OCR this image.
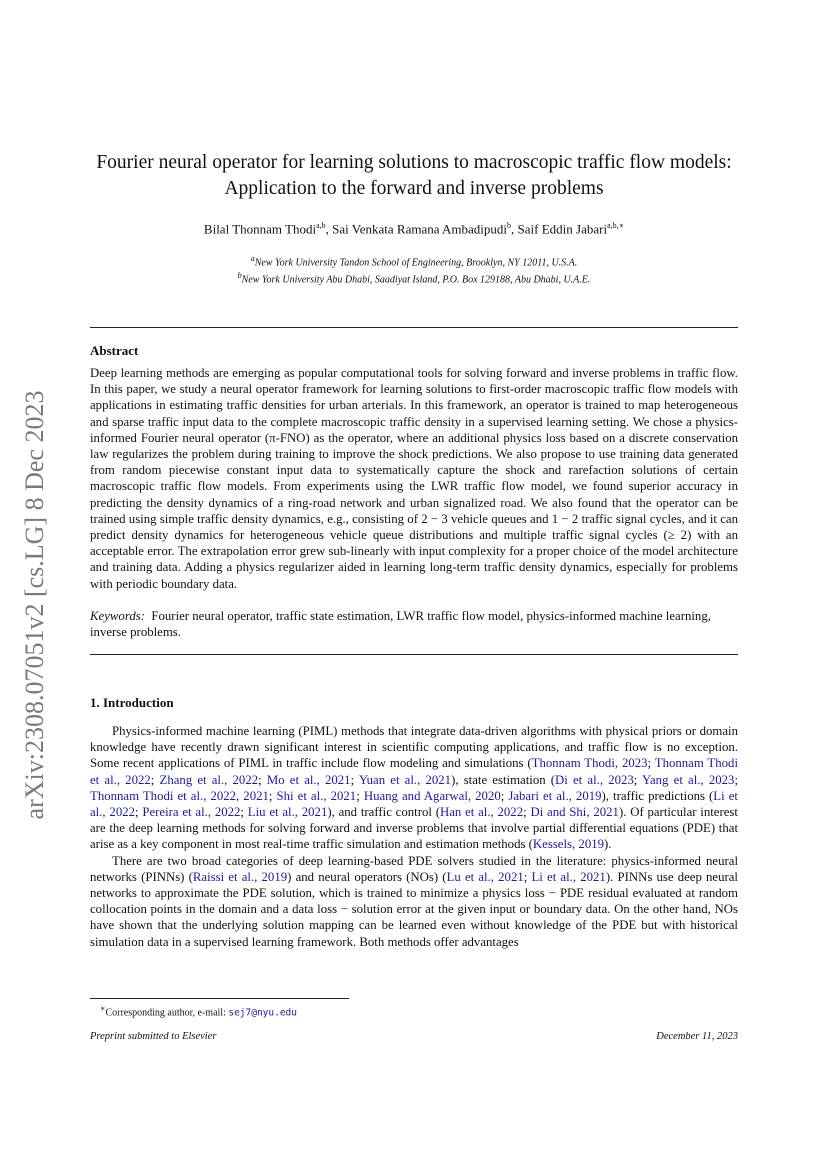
arXiv:2308.07051v2 [cs.LG] 8 Dec 2023
Fourier neural operator for learning solutions to macroscopic traffic flow models:
Application to the forward and inverse problems
Bilal Thonnam Thodi$^{a,b}$, Sai Venkata Ramana Ambadipudi$^b$, Saif Eddin Jabari$^{a,b,∗}$
$^a$New York University Tandon School of Engineering, Brooklyn, NY 12011, U.S.A.
$^b$New York University Abu Dhabi, Saadiyat Island, P.O. Box 129188, Abu Dhabi, U.A.E.
Abstract

Deep learning methods are emerging as popular computational tools for solving forward and inverse problems in traffic flow. In this paper, we study a neural operator framework for learning solutions to first-order macroscopic traffic flow models with applications in estimating traffic densities for urban arterials. In this framework, an operator is trained to map heterogeneous and sparse traffic input data to the complete macroscopic traffic density in a supervised learning setting. We chose a physics-informed Fourier neural operator (π-FNO) as the operator, where an additional physics loss based on a discrete conservation law regularizes the problem during training to improve the shock predictions. We also propose to use training data generated from random piecewise constant input data to systematically capture the shock and rarefaction solutions of certain macroscopic traffic flow models. From experiments using the LWR traffic flow model, we found superior accuracy in predicting the density dynamics of a ring-road network and urban signalized road. We also found that the operator can be trained using simple traffic density dynamics, e.g., consisting of 2 − 3 vehicle queues and 1 − 2 traffic signal cycles, and it can predict density dynamics for heterogeneous vehicle queue distributions and multiple traffic signal cycles (≥ 2) with an acceptable error. The extrapolation error grew sub-linearly with input complexity for a proper choice of the model architecture and training data. Adding a physics regularizer aided in learning long-term traffic density dynamics, especially for problems with periodic boundary data.

Keywords: Fourier neural operator, traffic state estimation, LWR traffic flow model, physics-informed machine learning, inverse problems.
1. Introduction

Physics-informed machine learning (PIML) methods that integrate data-driven algorithms with physical priors or domain knowledge have recently drawn significant interest in scientific computing applications, and traffic flow is no exception. Some recent applications of PIML in traffic include flow modeling and simulations (Thonnam Thodi, 2023; Thonnam Thodi et al., 2022; Zhang et al., 2022; Mo et al., 2021; Yuan et al., 2021), state estimation (Di et al., 2023; Yang et al., 2023; Thonnam Thodi et al., 2022, 2021; Shi et al., 2021; Huang and Agarwal, 2020; Jabari et al., 2019), traffic predictions (Li et al., 2022; Pereira et al., 2022; Liu et al., 2021), and traffic control (Han et al., 2022; Di and Shi, 2021). Of particular interest are the deep learning methods for solving forward and inverse problems that involve partial differential equations (PDE) that arise as a key component in most real-time traffic simulation and estimation methods (Kessels, 2019).

There are two broad categories of deep learning-based PDE solvers studied in the literature: physics-informed neural networks (PINNs) (Raissi et al., 2019) and neural operators (NOs) (Lu et al., 2021; Li et al., 2021). PINNs use deep neural networks to approximate the PDE solution, which is trained to minimize a physics loss − PDE residual evaluated at random collocation points in the domain and a data loss − solution error at the given input or boundary data. On the other hand, NOs have shown that the underlying solution mapping can be learned even without knowledge of the PDE but with historical simulation data in a supervised learning framework. Both methods offer advantages

∗Corresponding author, e-mail: sej7@nyu.edu
Preprint submitted to Elsevier	December 11, 2023
